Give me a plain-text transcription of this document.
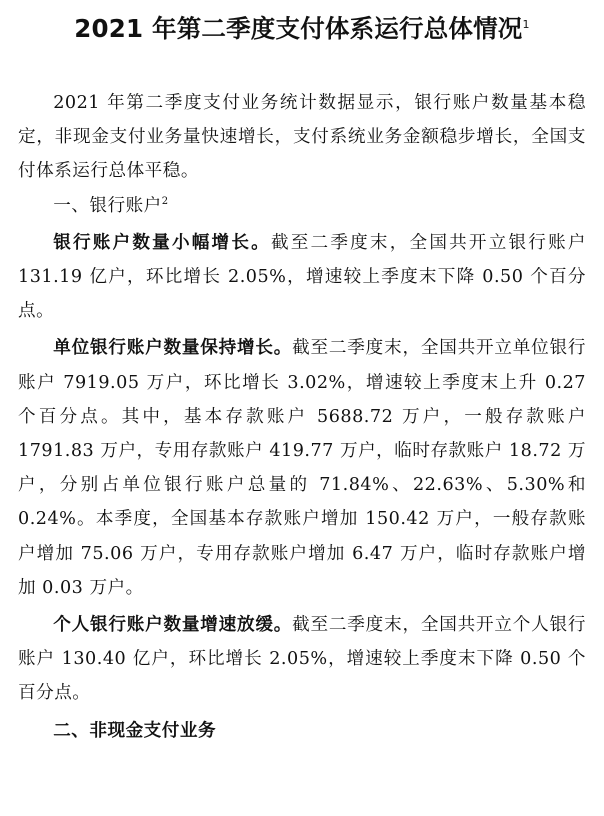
2021 年第二季度支付体系运行总体情况$^1$

2021 年第二季度支付业务统计数据显示，银行账户数量基本稳定，非现金支付业务量快速增长，支付系统业务金额稳步增长，全国支付体系运行总体平稳。

一、银行账户$^2$

银行账户数量小幅增长。截至二季度末，全国共开立银行账户 131.19 亿户，环比增长 2.05%，增速较上季度末下降 0.50 个百分点。

单位银行账户数量保持增长。截至二季度末，全国共开立单位银行账户 7919.05 万户，环比增长 3.02%，增速较上季度末上升 0.27 个百分点。其中，基本存款账户 5688.72 万户，一般存款账户 1791.83 万户，专用存款账户 419.77 万户，临时存款账户 18.72 万户，分别占单位银行账户总量的 71.84%、22.63%、5.30%和 0.24%。本季度，全国基本存款账户增加 150.42 万户，一般存款账户增加 75.06 万户，专用存款账户增加 6.47 万户，临时存款账户增加 0.03 万户。

个人银行账户数量增速放缓。截至二季度末，全国共开立个人银行账户 130.40 亿户，环比增长 2.05%，增速较上季度末下降 0.50 个百分点。

二、非现金支付业务
